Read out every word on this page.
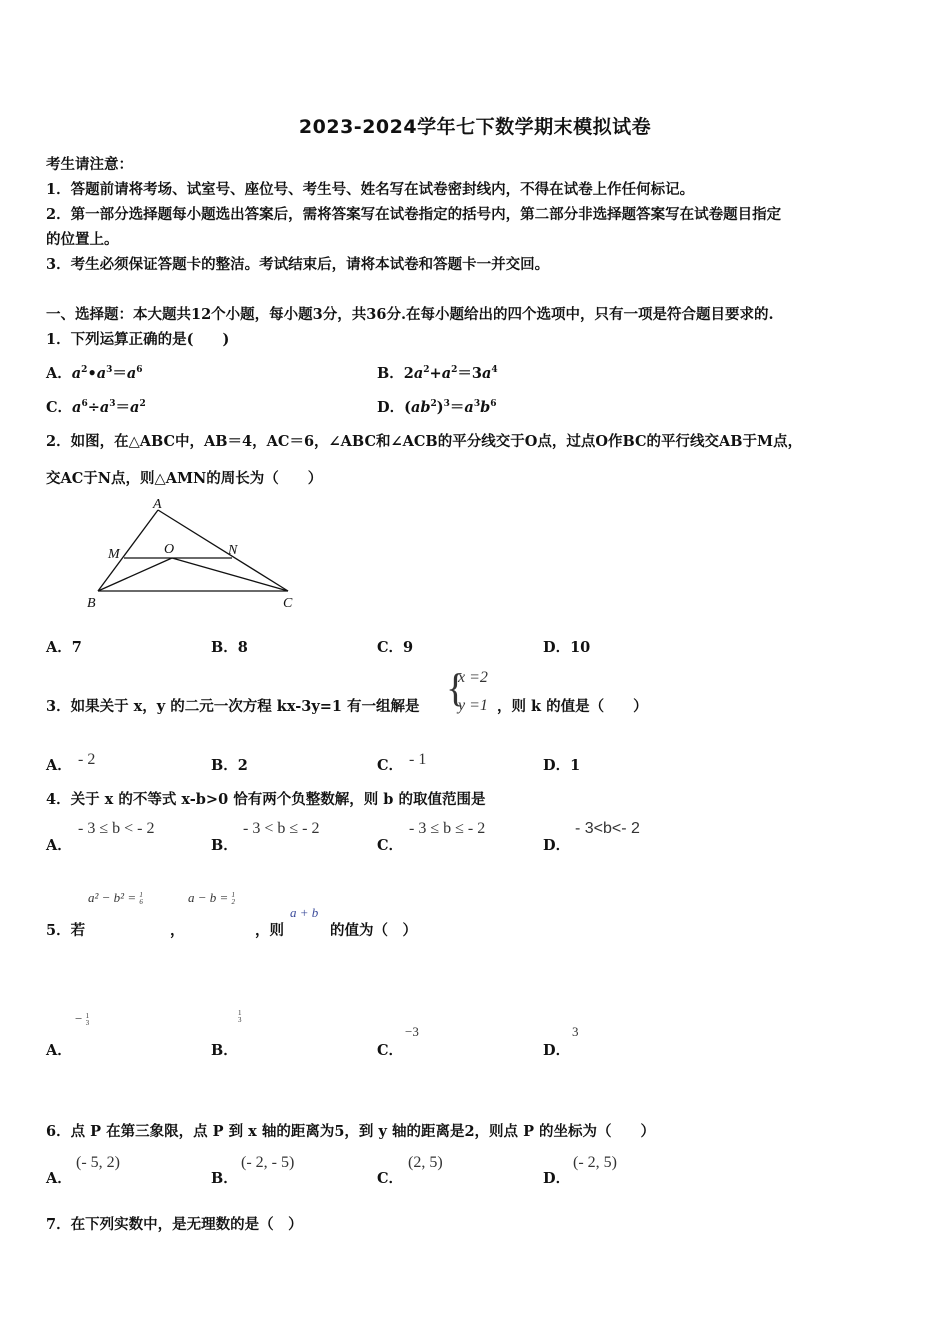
2023-2024学年七下数学期末模拟试卷
考生请注意：
1．答题前请将考场、试室号、座位号、考生号、姓名写在试卷密封线内，不得在试卷上作任何标记。
2．第一部分选择题每小题选出答案后，需将答案写在试卷指定的括号内，第二部分非选择题答案写在试卷题目指定
的位置上。
3．考生必须保证答题卡的整洁。考试结束后，请将本试卷和答题卡一并交回。
一、选择题：本大题共12个小题，每小题3分，共36分.在每小题给出的四个选项中，只有一项是符合题目要求的.
1．下列运算正确的是(　　)
A．$a^2•a^3=a^6$	B．$2a^2+a^2=3a^4$
C．$a^6\div a^3=a^2$	D．$(ab^2)^3=a^3b^6$
2．如图，在△ABC中，AB＝4，AC＝6，∠ABC和∠ACB的平分线交于O点，过点O作BC的平行线交AB于M点，
交AC于N点，则△AMN的周长为（　　）
A
M	O	N
B	C
A．7	B．8	C．9	D．10
3．如果关于 x，y 的二元一次方程 kx-3y=1 有一组解是 {
x =2
y =1 ，则 k 的值是（　　）
A． - 2	B．2	C． - 1	D．1
4．关于 x 的不等式 x-b>0 恰有两个负整数解，则 b 的取值范围是
A．
- 3 ≤ b < - 2
B．
- 3 < b ≤ - 2
C．
- 3 ≤ b ≤ - 2
D．
- 3<b<- 2
a² − b² = 1
6	a − b = 1
2
5．若	，	，则
a + b
的值为（　）
A．
− 1
3
B．
1
3
C．
−3
D．
3
6．点 P 在第三象限，点 P 到 x 轴的距离为5，到 y 轴的距离是2，则点 P 的坐标为（　　）
A．
(- 5, 2)
B．
(- 2, - 5)
C．
(2, 5)
D．
(- 2, 5)
7．在下列实数中，是无理数的是（　）
